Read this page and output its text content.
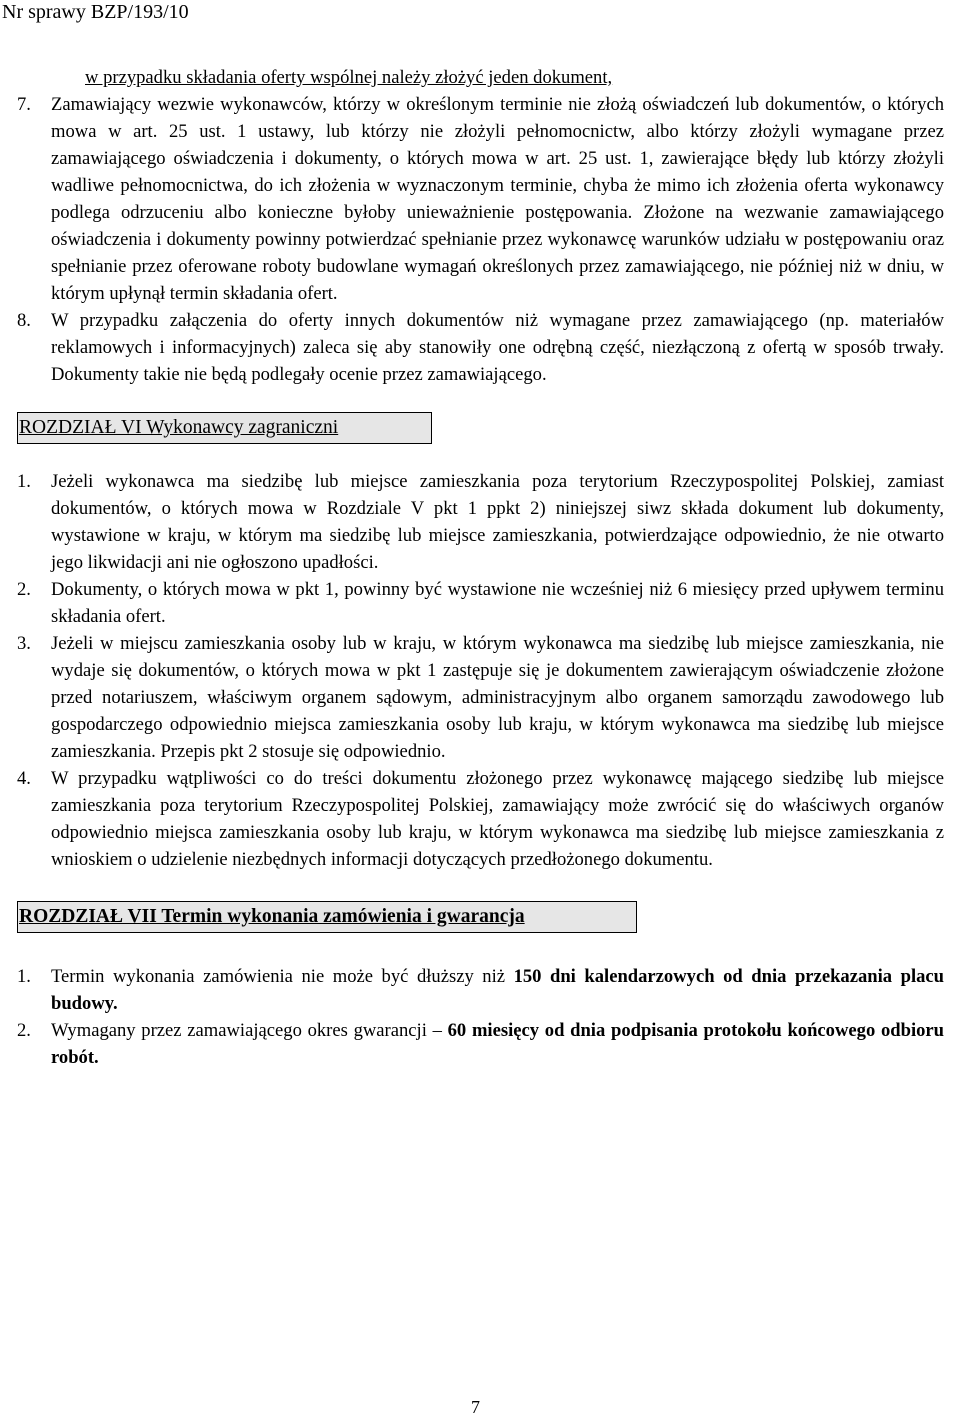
Nr sprawy BZP/193/10
w przypadku składania oferty wspólnej należy złożyć jeden dokument,
7.	Zamawiający wezwie wykonawców, którzy w określonym terminie nie złożą oświadczeń lub dokumentów, o których mowa w art. 25 ust. 1 ustawy, lub którzy nie złożyli pełnomocnictw, albo którzy złożyli wymagane przez zamawiającego oświadczenia i dokumenty, o których mowa w art. 25 ust. 1, zawierające błędy lub którzy złożyli wadliwe pełnomocnictwa, do ich złożenia w wyznaczonym terminie, chyba że mimo ich złożenia oferta wykonawcy podlega odrzuceniu albo konieczne byłoby unieważnienie postępowania. Złożone na wezwanie zamawiającego oświadczenia i dokumenty powinny potwierdzać spełnianie przez wykonawcę warunków udziału w postępowaniu oraz spełnianie przez oferowane roboty budowlane wymagań określonych przez zamawiającego, nie później niż w dniu, w którym upłynął termin składania ofert.
8.	W przypadku załączenia do oferty innych dokumentów niż wymagane przez zamawiającego (np. materiałów reklamowych i informacyjnych) zaleca się aby stanowiły one odrębną część, niezłączoną z ofertą w sposób trwały. Dokumenty takie nie będą podlegały ocenie przez zamawiającego.
ROZDZIAŁ VI Wykonawcy zagraniczni
1.	Jeżeli wykonawca ma siedzibę lub miejsce zamieszkania poza terytorium Rzeczypospolitej Polskiej, zamiast dokumentów, o których mowa w Rozdziale V pkt 1 ppkt 2) niniejszej siwz składa dokument lub dokumenty, wystawione w kraju, w którym ma siedzibę lub miejsce zamieszkania, potwierdzające odpowiednio, że nie otwarto jego likwidacji ani nie ogłoszono upadłości.
2.	Dokumenty, o których mowa w pkt 1, powinny być wystawione nie wcześniej niż 6 miesięcy przed upływem terminu składania ofert.
3.	Jeżeli w miejscu zamieszkania osoby lub w kraju, w którym wykonawca ma siedzibę lub miejsce zamieszkania, nie wydaje się dokumentów, o których mowa w pkt 1 zastępuje się je dokumentem zawierającym oświadczenie złożone przed notariuszem, właściwym organem sądowym, administracyjnym albo organem samorządu zawodowego lub gospodarczego odpowiednio miejsca zamieszkania osoby lub kraju, w którym wykonawca ma siedzibę lub miejsce zamieszkania. Przepis pkt 2 stosuje się odpowiednio.
4.	W przypadku wątpliwości co do treści dokumentu złożonego przez wykonawcę mającego siedzibę lub miejsce zamieszkania poza terytorium Rzeczypospolitej Polskiej, zamawiający może zwrócić się do właściwych organów odpowiednio miejsca zamieszkania osoby lub kraju, w którym wykonawca ma siedzibę lub miejsce zamieszkania z wnioskiem o udzielenie niezbędnych informacji dotyczących przedłożonego dokumentu.
ROZDZIAŁ VII Termin wykonania zamówienia i gwarancja
1.	Termin wykonania zamówienia nie może być dłuższy niż 150 dni kalendarzowych od dnia przekazania placu budowy.
2.	Wymagany przez zamawiającego okres gwarancji – 60 miesięcy od dnia podpisania protokołu końcowego odbioru robót.
7
